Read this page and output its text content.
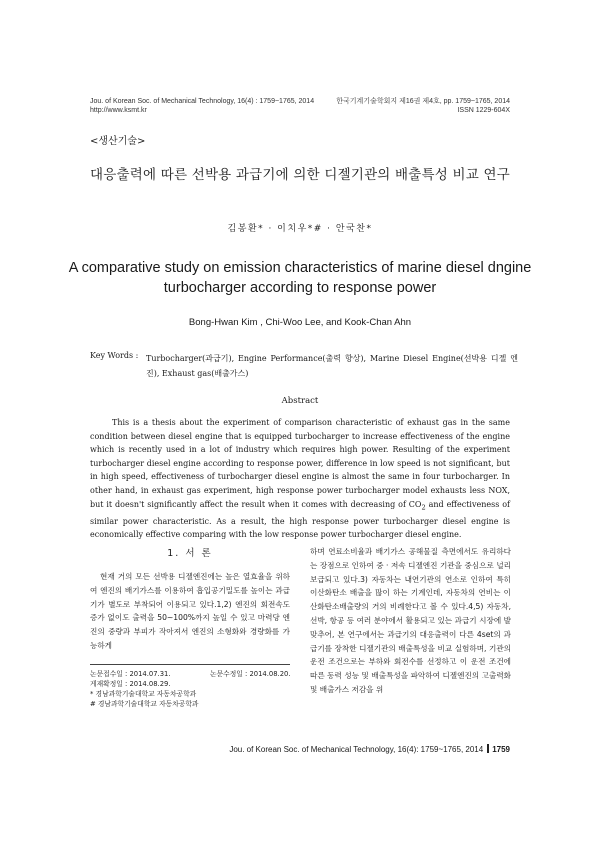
Jou. of Korean Soc. of Mechanical Technology, 16(4) : 1759~1765, 2014
http://www.ksmt.kr
한국기계기술학회지 제16권 제4호, pp. 1759~1765, 2014
ISSN 1229-604X
<생산기술>
대응출력에 따른 선박용 과급기에 의한 디젤기관의 배출특성 비교 연구
김봉환* · 이치우*# · 안국찬*
A comparative study on emission characteristics of marine diesel dngine
turbocharger according to response power
Bong-Hwan Kim , Chi-Woo Lee, and Kook-Chan Ahn
Key Words : Turbocharger(과급기), Engine Performance(출력 향상), Marine Diesel Engine(선박용 디젤 엔진), Exhaust gas(배출가스)
Abstract
This is a thesis about the experiment of comparison characteristic of exhaust gas in the same condition between diesel engine that is equipped turbocharger to increase effectiveness of the engine which is recently used in a lot of industry which requires high power. Resulting of the experiment turbocharger diesel engine according to response power, difference in low speed is not significant, but in high speed, effectiveness of turbocharger diesel engine is almost the same in four turbocharger. In other hand, in exhaust gas experiment, high response power turbocharger model exhausts less NOX, but it doesn't significantly affect the result when it comes with decreasing of $CO_2$ and effectiveness of similar power characteristic. As a result, the high response power turbocharger diesel engine is economically effective comparing with the low response power turbocharger diesel engine.
1. 서 론
현재 거의 모든 선박용 디젤엔진에는 높은 열효율을 위하여 엔진의 배기가스를 이용하여 흡입공기밀도를 높이는 과급기가 별도로 부착되어 이용되고 있다.1,2) 엔진의 회전속도 증가 없이도 출력을 50~100%까지 높일 수 있고 마력당 엔진의 중량과 부피가 작아져서 엔진의 소형화와 경량화를 가능하게
하며 연료소비율과 배기가스 공해물질 측면에서도 유리하다는 장점으로 인하여 중 · 저속 디젤엔진 기관을 중심으로 널리 보급되고 있다.3) 자동차는 내연기관의 연소로 인하여 특히 이산화탄소 배출을 많이 하는 기계인데, 자동차의 연비는 이산화탄소배출량의 거의 비례한다고 볼 수 있다.4,5) 자동차, 선박, 항공 등 여러 분야에서 활용되고 있는 과급기 시장에 발맞추어, 본 연구에서는 과급기의 대응출력이 다른 4set의 과급기를 장착한 디젤기관의 배출특성을 비교 실험하며, 기관의 운전 조건으로는 부하와 회전수를 선정하고 이 운전 조건에 따른 동력 성능 및 배출특성을 파악하여 디젤엔진의 고출력화 및 배출가스 저감을 위
논문접수일 : 2014.07.31.	논문수정일 : 2014.08.20.
게재확정일 : 2014.08.29.
* 경남과학기술대학교 자동차공학과
# 경남과학기술대학교 자동차공학과
Jou. of Korean Soc. of Mechanical Technology, 16(4): 1759~1765, 2014 1759
